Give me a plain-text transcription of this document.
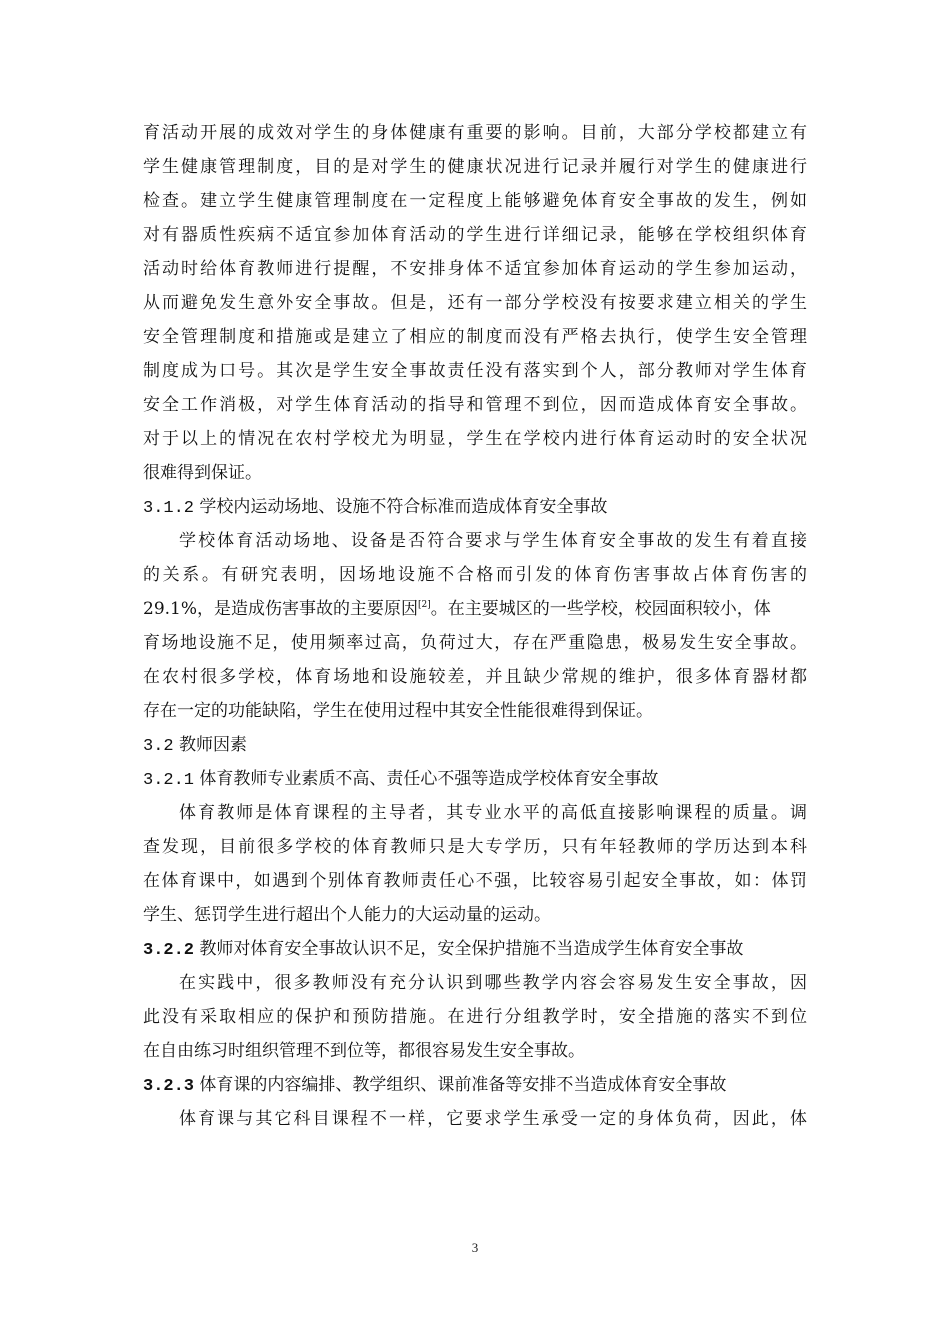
育活动开展的成效对学生的身体健康有重要的影响。目前，大部分学校都建立有
学生健康管理制度，目的是对学生的健康状况进行记录并履行对学生的健康进行
检查。建立学生健康管理制度在一定程度上能够避免体育安全事故的发生，例如
对有器质性疾病不适宜参加体育活动的学生进行详细记录，能够在学校组织体育
活动时给体育教师进行提醒，不安排身体不适宜参加体育运动的学生参加运动，
从而避免发生意外安全事故。但是，还有一部分学校没有按要求建立相关的学生
安全管理制度和措施或是建立了相应的制度而没有严格去执行，使学生安全管理
制度成为口号。其次是学生安全事故责任没有落实到个人，部分教师对学生体育
安全工作消极，对学生体育活动的指导和管理不到位，因而造成体育安全事故。
对于以上的情况在农村学校尤为明显，学生在学校内进行体育运动时的安全状况
很难得到保证。
3.1.2 学校内运动场地、设施不符合标准而造成体育安全事故
学校体育活动场地、设备是否符合要求与学生体育安全事故的发生有着直接
的关系。有研究表明，因场地设施不合格而引发的体育伤害事故占体育伤害的
29.1%，是造成伤害事故的主要原因[2]。在主要城区的一些学校，校园面积较小，体
育场地设施不足，使用频率过高，负荷过大，存在严重隐患，极易发生安全事故。
在农村很多学校，体育场地和设施较差，并且缺少常规的维护，很多体育器材都
存在一定的功能缺陷，学生在使用过程中其安全性能很难得到保证。
3.2 教师因素
3.2.1 体育教师专业素质不高、责任心不强等造成学校体育安全事故
体育教师是体育课程的主导者，其专业水平的高低直接影响课程的质量。调
查发现，目前很多学校的体育教师只是大专学历，只有年轻教师的学历达到本科
在体育课中，如遇到个别体育教师责任心不强，比较容易引起安全事故，如：体罚
学生、惩罚学生进行超出个人能力的大运动量的运动。
3.2.2 教师对体育安全事故认识不足，安全保护措施不当造成学生体育安全事故
在实践中，很多教师没有充分认识到哪些教学内容会容易发生安全事故，因
此没有采取相应的保护和预防措施。在进行分组教学时，安全措施的落实不到位
在自由练习时组织管理不到位等，都很容易发生安全事故。
3.2.3 体育课的内容编排、教学组织、课前准备等安排不当造成体育安全事故
体育课与其它科目课程不一样，它要求学生承受一定的身体负荷，因此，体
3
